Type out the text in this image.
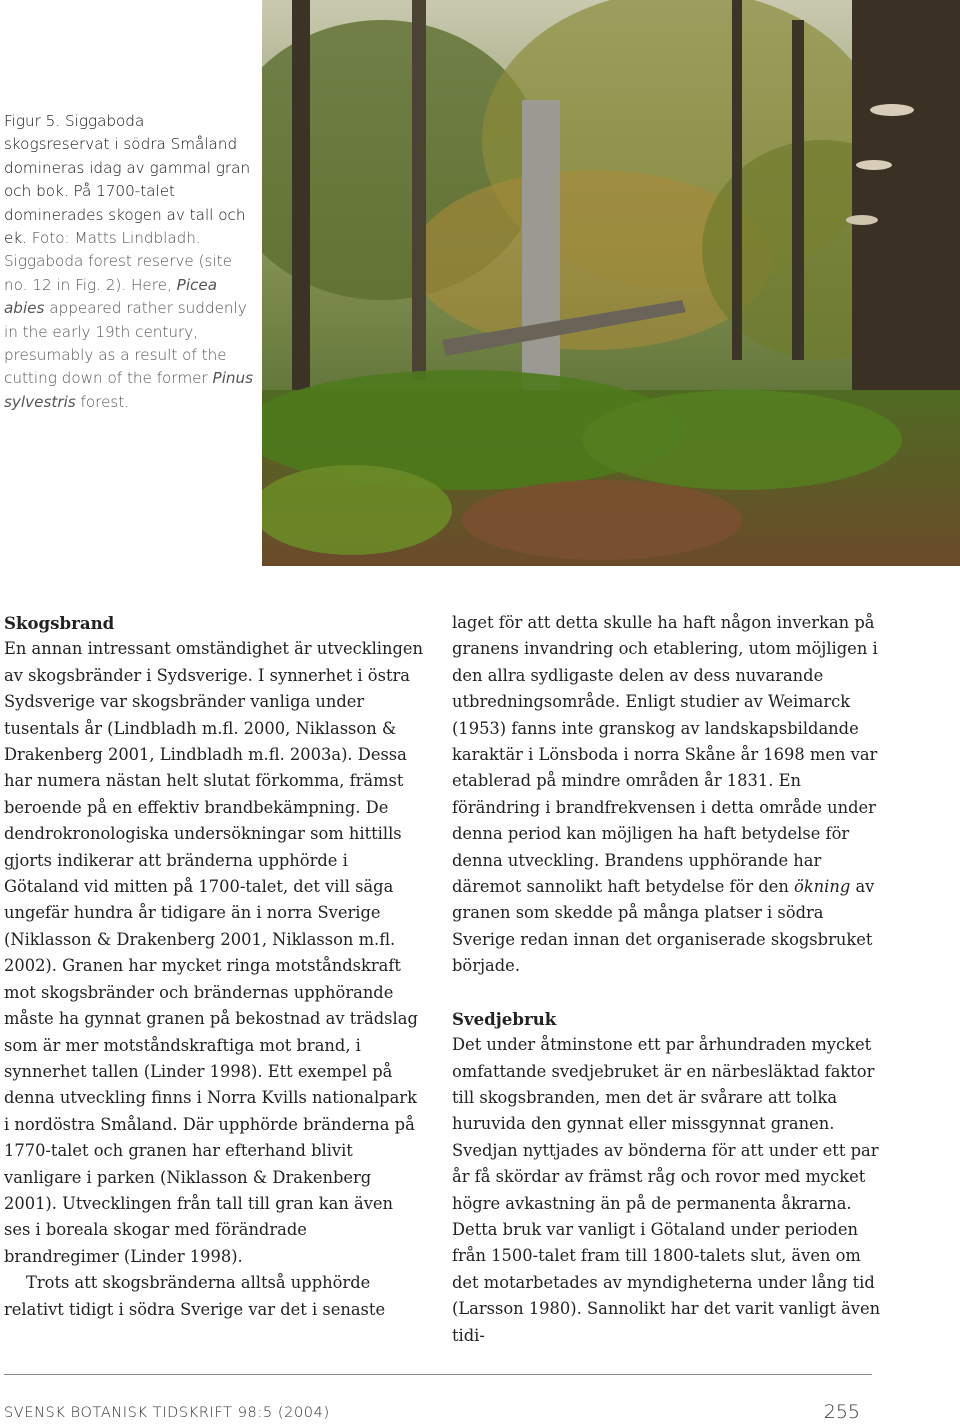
Figur 5. Siggaboda skogsreservat i södra Småland domineras idag av gammal gran och bok. På 1700-talet dominerades skogen av tall och ek. Foto: Matts Lindbladh. Siggaboda forest reserve (site no. 12 in Fig. 2). Here, Picea abies appeared rather suddenly in the early 19th century, presumably as a result of the cutting down of the former Pinus sylvestris forest.

Skogsbrand

En annan intressant omständighet är utvecklingen av skogsbränder i Sydsverige. I synnerhet i östra Sydsverige var skogsbränder vanliga under tusentals år (Lindbladh m.fl. 2000, Niklasson & Drakenberg 2001, Lindbladh m.fl. 2003a). Dessa har numera nästan helt slutat förkomma, främst beroende på en effektiv brandbekämpning. De dendrokronologiska undersökningar som hittills gjorts indikerar att bränderna upphörde i Götaland vid mitten på 1700-talet, det vill säga ungefär hundra år tidigare än i norra Sverige (Niklasson & Drakenberg 2001, Niklasson m.fl. 2002). Granen har mycket ringa motståndskraft mot skogsbränder och brändernas upphörande måste ha gynnat granen på bekostnad av trädslag som är mer motståndskraftiga mot brand, i synnerhet tallen (Linder 1998). Ett exempel på denna utveckling finns i Norra Kvills nationalpark i nordöstra Småland. Där upphörde bränderna på 1770-talet och granen har efterhand blivit vanligare i parken (Niklasson & Drakenberg 2001). Utvecklingen från tall till gran kan även ses i boreala skogar med förändrade brandregimer (Linder 1998).

Trots att skogsbränderna alltså upphörde relativt tidigt i södra Sverige var det i senaste

laget för att detta skulle ha haft någon inverkan på granens invandring och etablering, utom möjligen i den allra sydligaste delen av dess nuvarande utbredningsområde. Enligt studier av Weimarck (1953) fanns inte granskog av landskapsbildande karaktär i Lönsboda i norra Skåne år 1698 men var etablerad på mindre områden år 1831. En förändring i brandfrekvensen i detta område under denna period kan möjligen ha haft betydelse för denna utveckling. Brandens upphörande har däremot sannolikt haft betydelse för den ökning av granen som skedde på många platser i södra Sverige redan innan det organiserade skogsbruket började.

Svedjebruk

Det under åtminstone ett par århundraden mycket omfattande svedjebruket är en närbesläktad faktor till skogsbranden, men det är svårare att tolka huruvida den gynnat eller missgynnat granen. Svedjan nyttjades av bönderna för att under ett par år få skördar av främst råg och rovor med mycket högre avkastning än på de permanenta åkrarna. Detta bruk var vanligt i Götaland under perioden från 1500-talet fram till 1800-talets slut, även om det motarbetades av myndigheterna under lång tid (Larsson 1980). Sannolikt har det varit vanligt även tidi-

SVENSK BOTANISK TIDSKRIFT 98:5 (2004)	255
